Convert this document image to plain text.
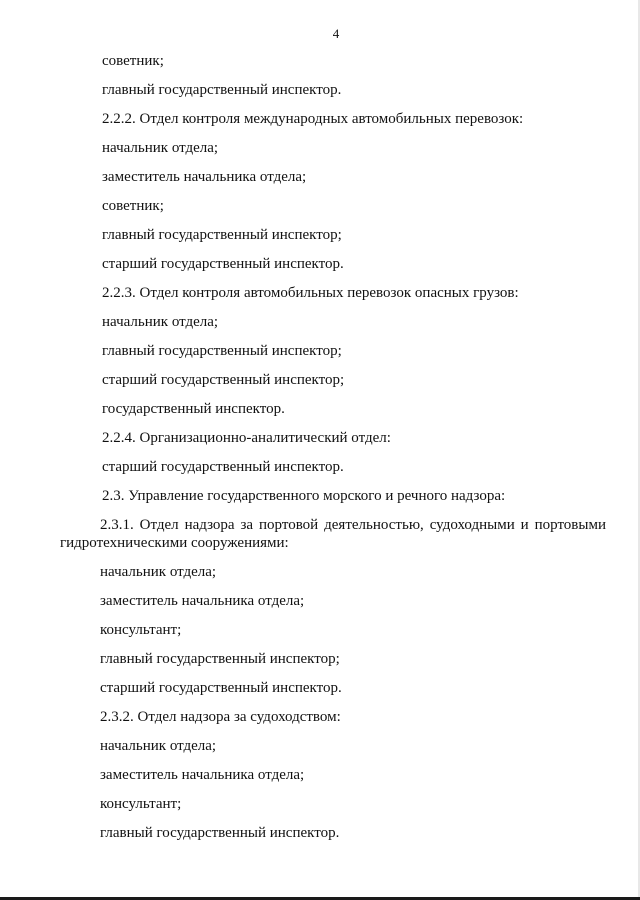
4
советник;
главный государственный инспектор.
2.2.2. Отдел контроля международных автомобильных перевозок:
начальник отдела;
заместитель начальника отдела;
советник;
главный государственный инспектор;
старший государственный инспектор.
2.2.3. Отдел контроля автомобильных перевозок опасных грузов:
начальник отдела;
главный государственный инспектор;
старший государственный инспектор;
государственный инспектор.
2.2.4. Организационно-аналитический отдел:
старший государственный инспектор.
2.3. Управление государственного морского и речного надзора:
2.3.1. Отдел надзора за портовой деятельностью, судоходными и портовыми гидротехническими сооружениями:
начальник отдела;
заместитель начальника отдела;
консультант;
главный государственный инспектор;
старший государственный инспектор.
2.3.2. Отдел надзора за судоходством:
начальник отдела;
заместитель начальника отдела;
консультант;
главный государственный инспектор.
